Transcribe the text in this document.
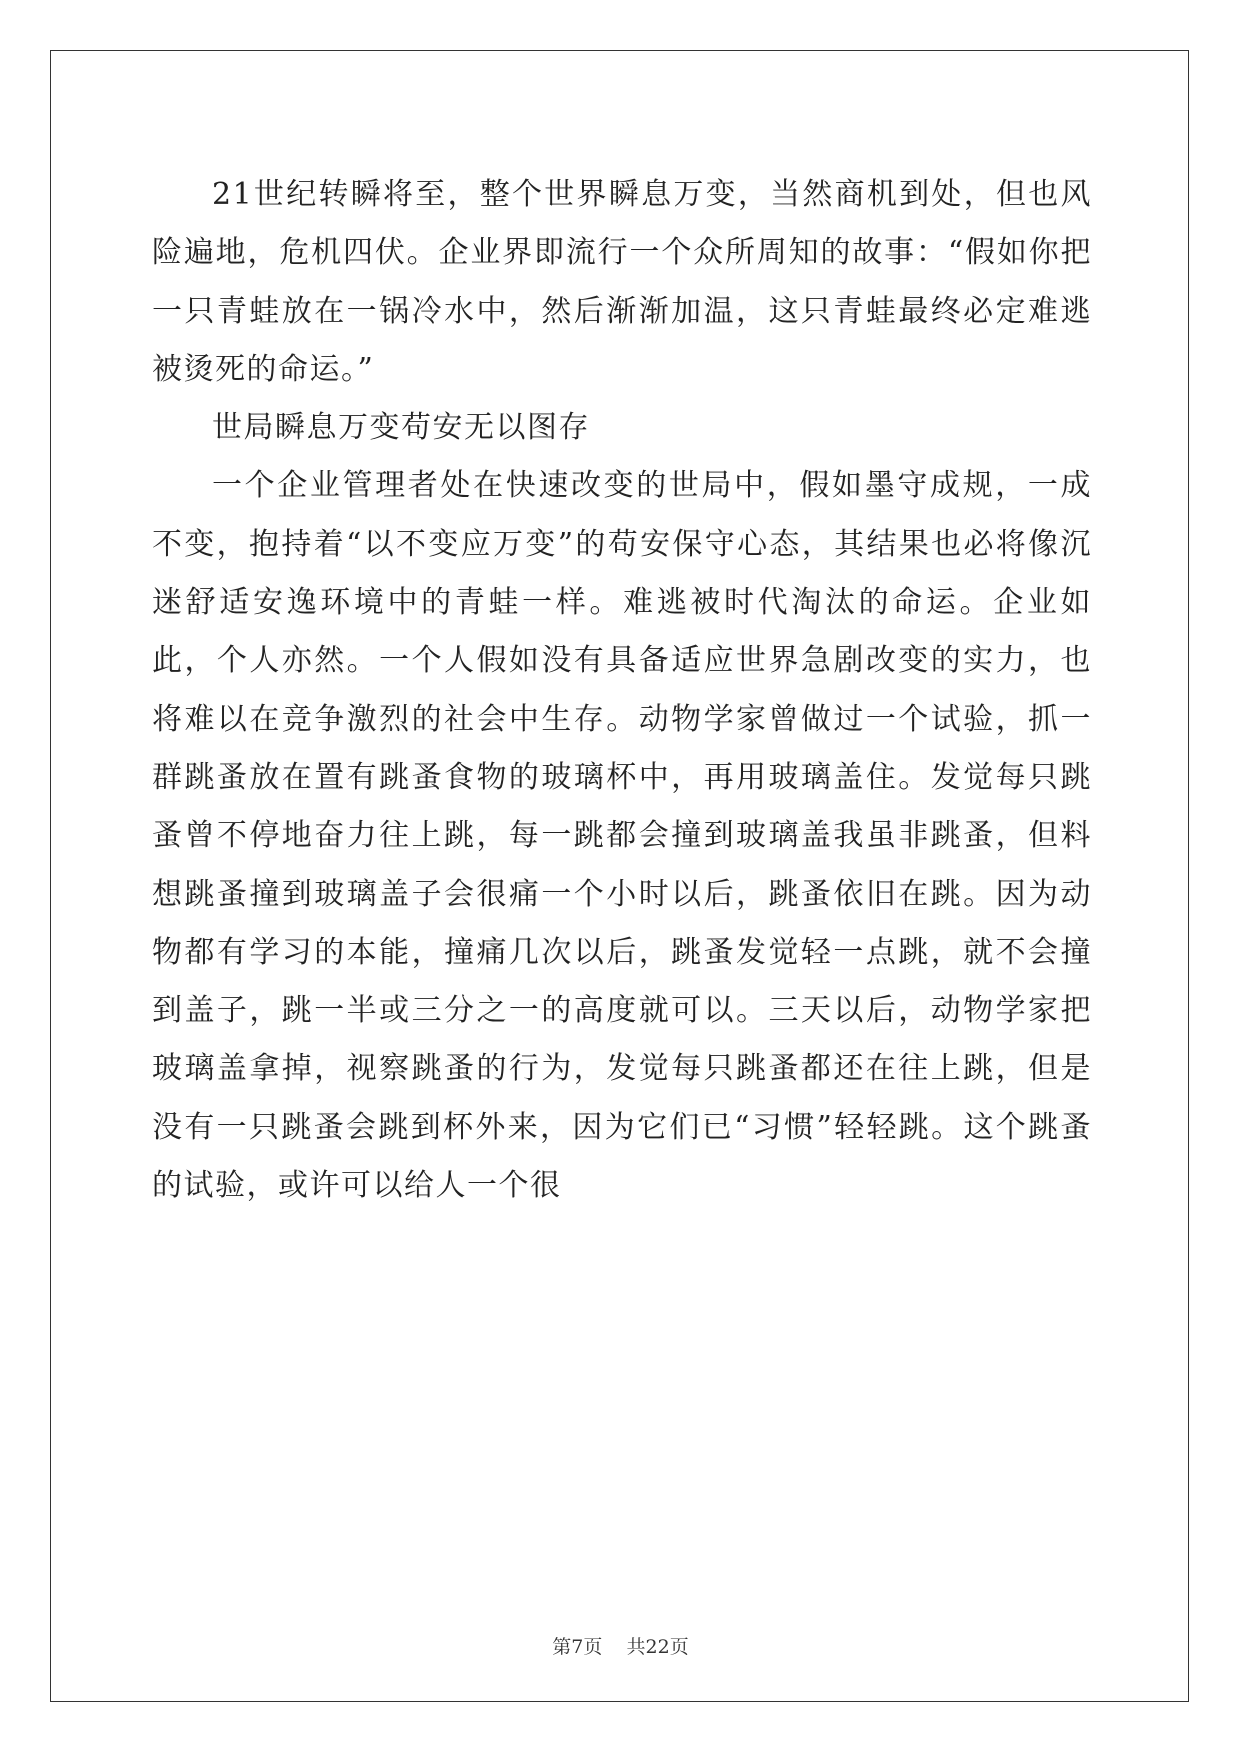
21世纪转瞬将至，整个世界瞬息万变，当然商机到处，但也风险遍地，危机四伏。企业界即流行一个众所周知的故事：“假如你把一只青蛙放在一锅冷水中，然后渐渐加温，这只青蛙最终必定难逃被烫死的命运。”

世局瞬息万变苟安无以图存

一个企业管理者处在快速改变的世局中，假如墨守成规，一成不变，抱持着“以不变应万变”的苟安保守心态，其结果也必将像沉迷舒适安逸环境中的青蛙一样。难逃被时代淘汰的命运。企业如此，个人亦然。一个人假如没有具备适应世界急剧改变的实力，也将难以在竞争激烈的社会中生存。动物学家曾做过一个试验，抓一群跳蚤放在置有跳蚤食物的玻璃杯中，再用玻璃盖住。发觉每只跳蚤曾不停地奋力往上跳，每一跳都会撞到玻璃盖我虽非跳蚤，但料想跳蚤撞到玻璃盖子会很痛一个小时以后，跳蚤依旧在跳。因为动物都有学习的本能，撞痛几次以后，跳蚤发觉轻一点跳，就不会撞到盖子，跳一半或三分之一的高度就可以。三天以后，动物学家把玻璃盖拿掉，视察跳蚤的行为，发觉每只跳蚤都还在往上跳，但是没有一只跳蚤会跳到杯外来，因为它们已“习惯”轻轻跳。这个跳蚤的试验，或许可以给人一个很

第7页 共22页
